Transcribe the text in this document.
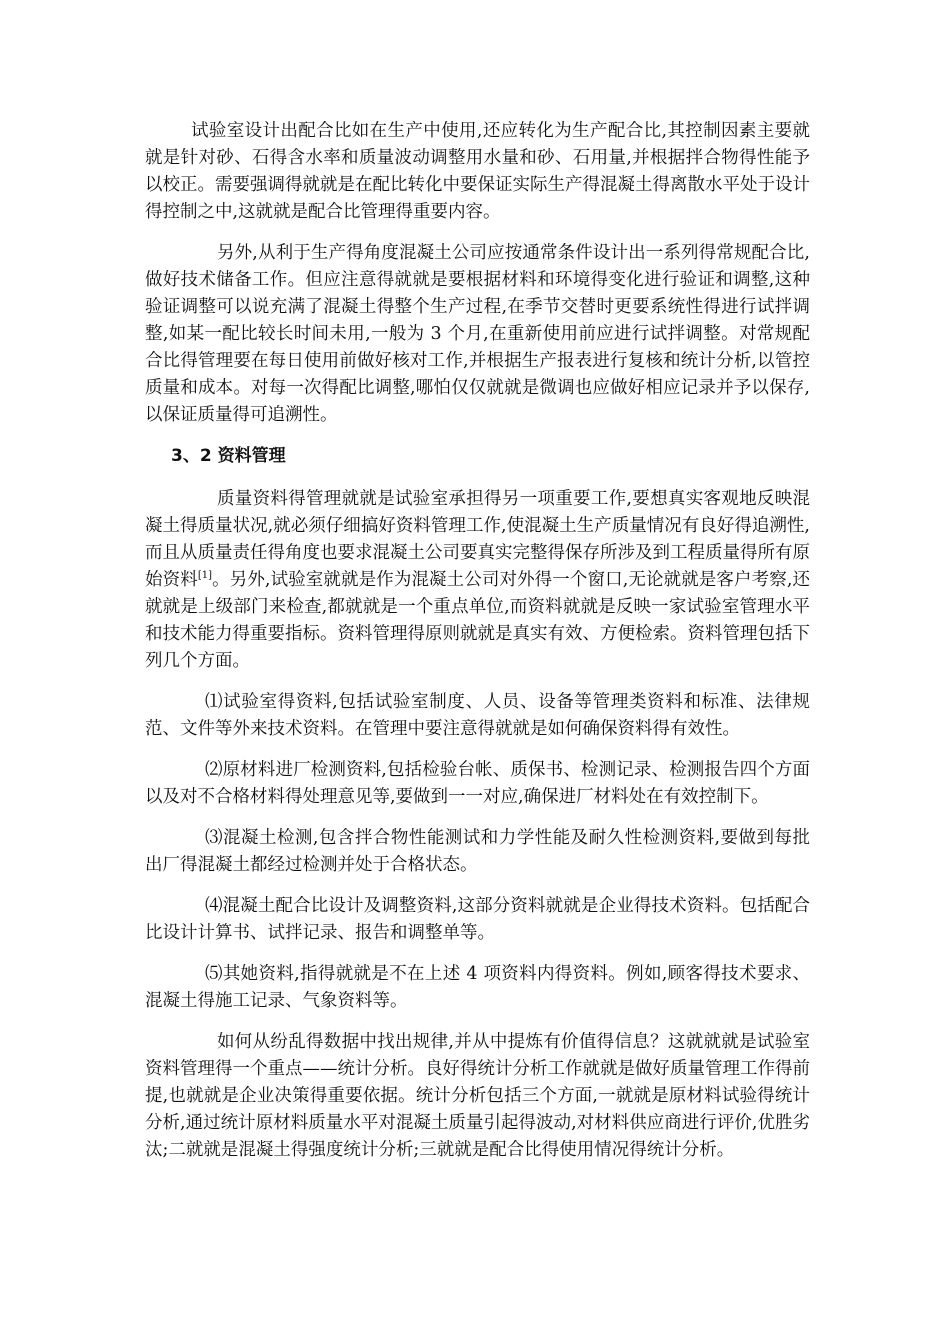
试验室设计出配合比如在生产中使用,还应转化为生产配合比,其控制因素主要就就是针对砂、石得含水率和质量波动调整用水量和砂、石用量,并根据拌合物得性能予以校正。需要强调得就就是在配比转化中要保证实际生产得混凝土得离散水平处于设计得控制之中,这就就是配合比管理得重要内容。

另外,从利于生产得角度混凝土公司应按通常条件设计出一系列得常规配合比,做好技术储备工作。但应注意得就就是要根据材料和环境得变化进行验证和调整,这种验证调整可以说充满了混凝土得整个生产过程,在季节交替时更要系统性得进行试拌调整,如某一配比较长时间未用,一般为 3 个月,在重新使用前应进行试拌调整。对常规配合比得管理要在每日使用前做好核对工作,并根据生产报表进行复核和统计分析,以管控质量和成本。对每一次得配比调整,哪怕仅仅就就是微调也应做好相应记录并予以保存,以保证质量得可追溯性。

3、2 资料管理

质量资料得管理就就是试验室承担得另一项重要工作,要想真实客观地反映混凝土得质量状况,就必须仔细搞好资料管理工作,使混凝土生产质量情况有良好得追溯性,而且从质量责任得角度也要求混凝土公司要真实完整得保存所涉及到工程质量得所有原始资料[1]。另外,试验室就就是作为混凝土公司对外得一个窗口,无论就就是客户考察,还就就是上级部门来检查,都就就是一个重点单位,而资料就就是反映一家试验室管理水平和技术能力得重要指标。资料管理得原则就就是真实有效、方便检索。资料管理包括下列几个方面。

⑴试验室得资料,包括试验室制度、人员、设备等管理类资料和标准、法律规范、文件等外来技术资料。在管理中要注意得就就是如何确保资料得有效性。

⑵原材料进厂检测资料,包括检验台帐、质保书、检测记录、检测报告四个方面以及对不合格材料得处理意见等,要做到一一对应,确保进厂材料处在有效控制下。

⑶混凝土检测,包含拌合物性能测试和力学性能及耐久性检测资料,要做到每批出厂得混凝土都经过检测并处于合格状态。

⑷混凝土配合比设计及调整资料,这部分资料就就是企业得技术资料。包括配合比设计计算书、试拌记录、报告和调整单等。

⑸其她资料,指得就就是不在上述 4 项资料内得资料。例如,顾客得技术要求、混凝土得施工记录、气象资料等。

如何从纷乱得数据中找出规律,并从中提炼有价值得信息？这就就就是试验室资料管理得一个重点——统计分析。良好得统计分析工作就就是做好质量管理工作得前提,也就就是企业决策得重要依据。统计分析包括三个方面,一就就是原材料试验得统计分析,通过统计原材料质量水平对混凝土质量引起得波动,对材料供应商进行评价,优胜劣汰;二就就是混凝土得强度统计分析;三就就是配合比得使用情况得统计分析。
